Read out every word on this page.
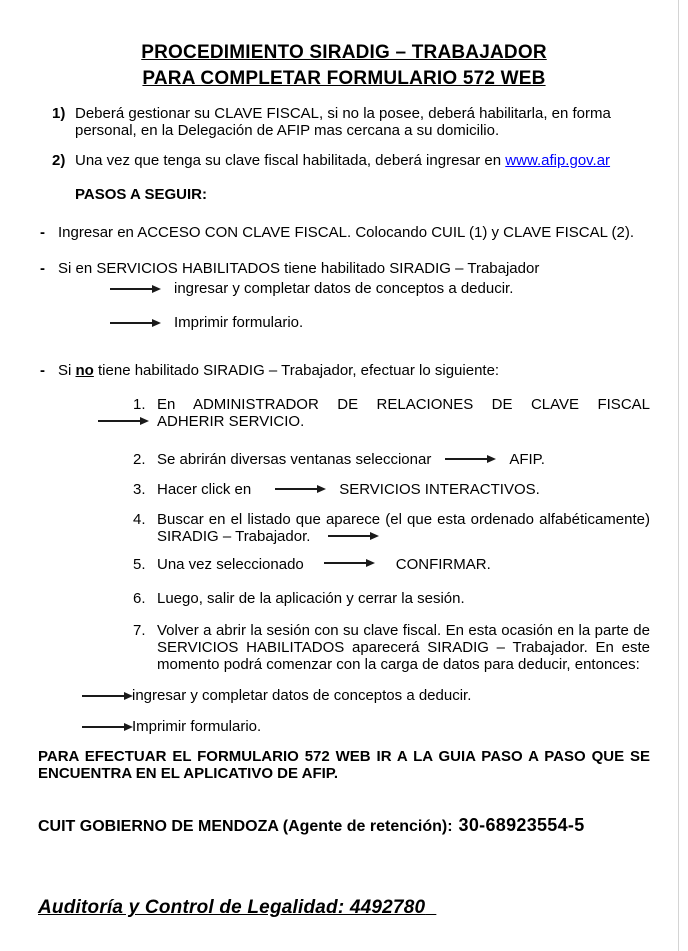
PROCEDIMIENTO SIRADIG – TRABAJADOR
PARA COMPLETAR FORMULARIO 572 WEB
1) Deberá gestionar su CLAVE FISCAL, si no la posee, deberá habilitarla, en forma personal, en la Delegación de AFIP mas cercana a su domicilio.
2) Una vez que tenga su clave fiscal habilitada, deberá ingresar en www.afip.gov.ar
PASOS A SEGUIR:
- Ingresar en ACCESO CON CLAVE FISCAL. Colocando CUIL (1) y CLAVE FISCAL (2).
- Si en SERVICIOS HABILITADOS tiene habilitado SIRADIG – Trabajador
ingresar y completar datos de conceptos a deducir.
Imprimir formulario.
- Si no tiene habilitado SIRADIG – Trabajador, efectuar lo siguiente:
1. En ADMINISTRADOR DE RELACIONES DE CLAVE FISCAL
ADHERIR SERVICIO.
2. Se abrirán diversas ventanas seleccionar	AFIP.
3. Hacer click en	SERVICIOS INTERACTIVOS.
4. Buscar en el listado que aparece (el que esta ordenado alfabéticamente)
SIRADIG – Trabajador.
5. Una vez seleccionado	CONFIRMAR.
6. Luego, salir de la aplicación y cerrar la sesión.
7. Volver a abrir la sesión con su clave fiscal. En esta ocasión en la parte de SERVICIOS HABILITADOS aparecerá SIRADIG – Trabajador. En este momento podrá comenzar con la carga de datos para deducir, entonces:
ingresar y completar datos de conceptos a deducir.
Imprimir formulario.
PARA EFECTUAR EL FORMULARIO 572 WEB IR A LA GUIA PASO A PASO QUE SE ENCUENTRA EN EL APLICATIVO DE AFIP.
CUIT GOBIERNO DE MENDOZA (Agente de retención): 30-68923554-5
Auditoría y Control de Legalidad: 4492780
